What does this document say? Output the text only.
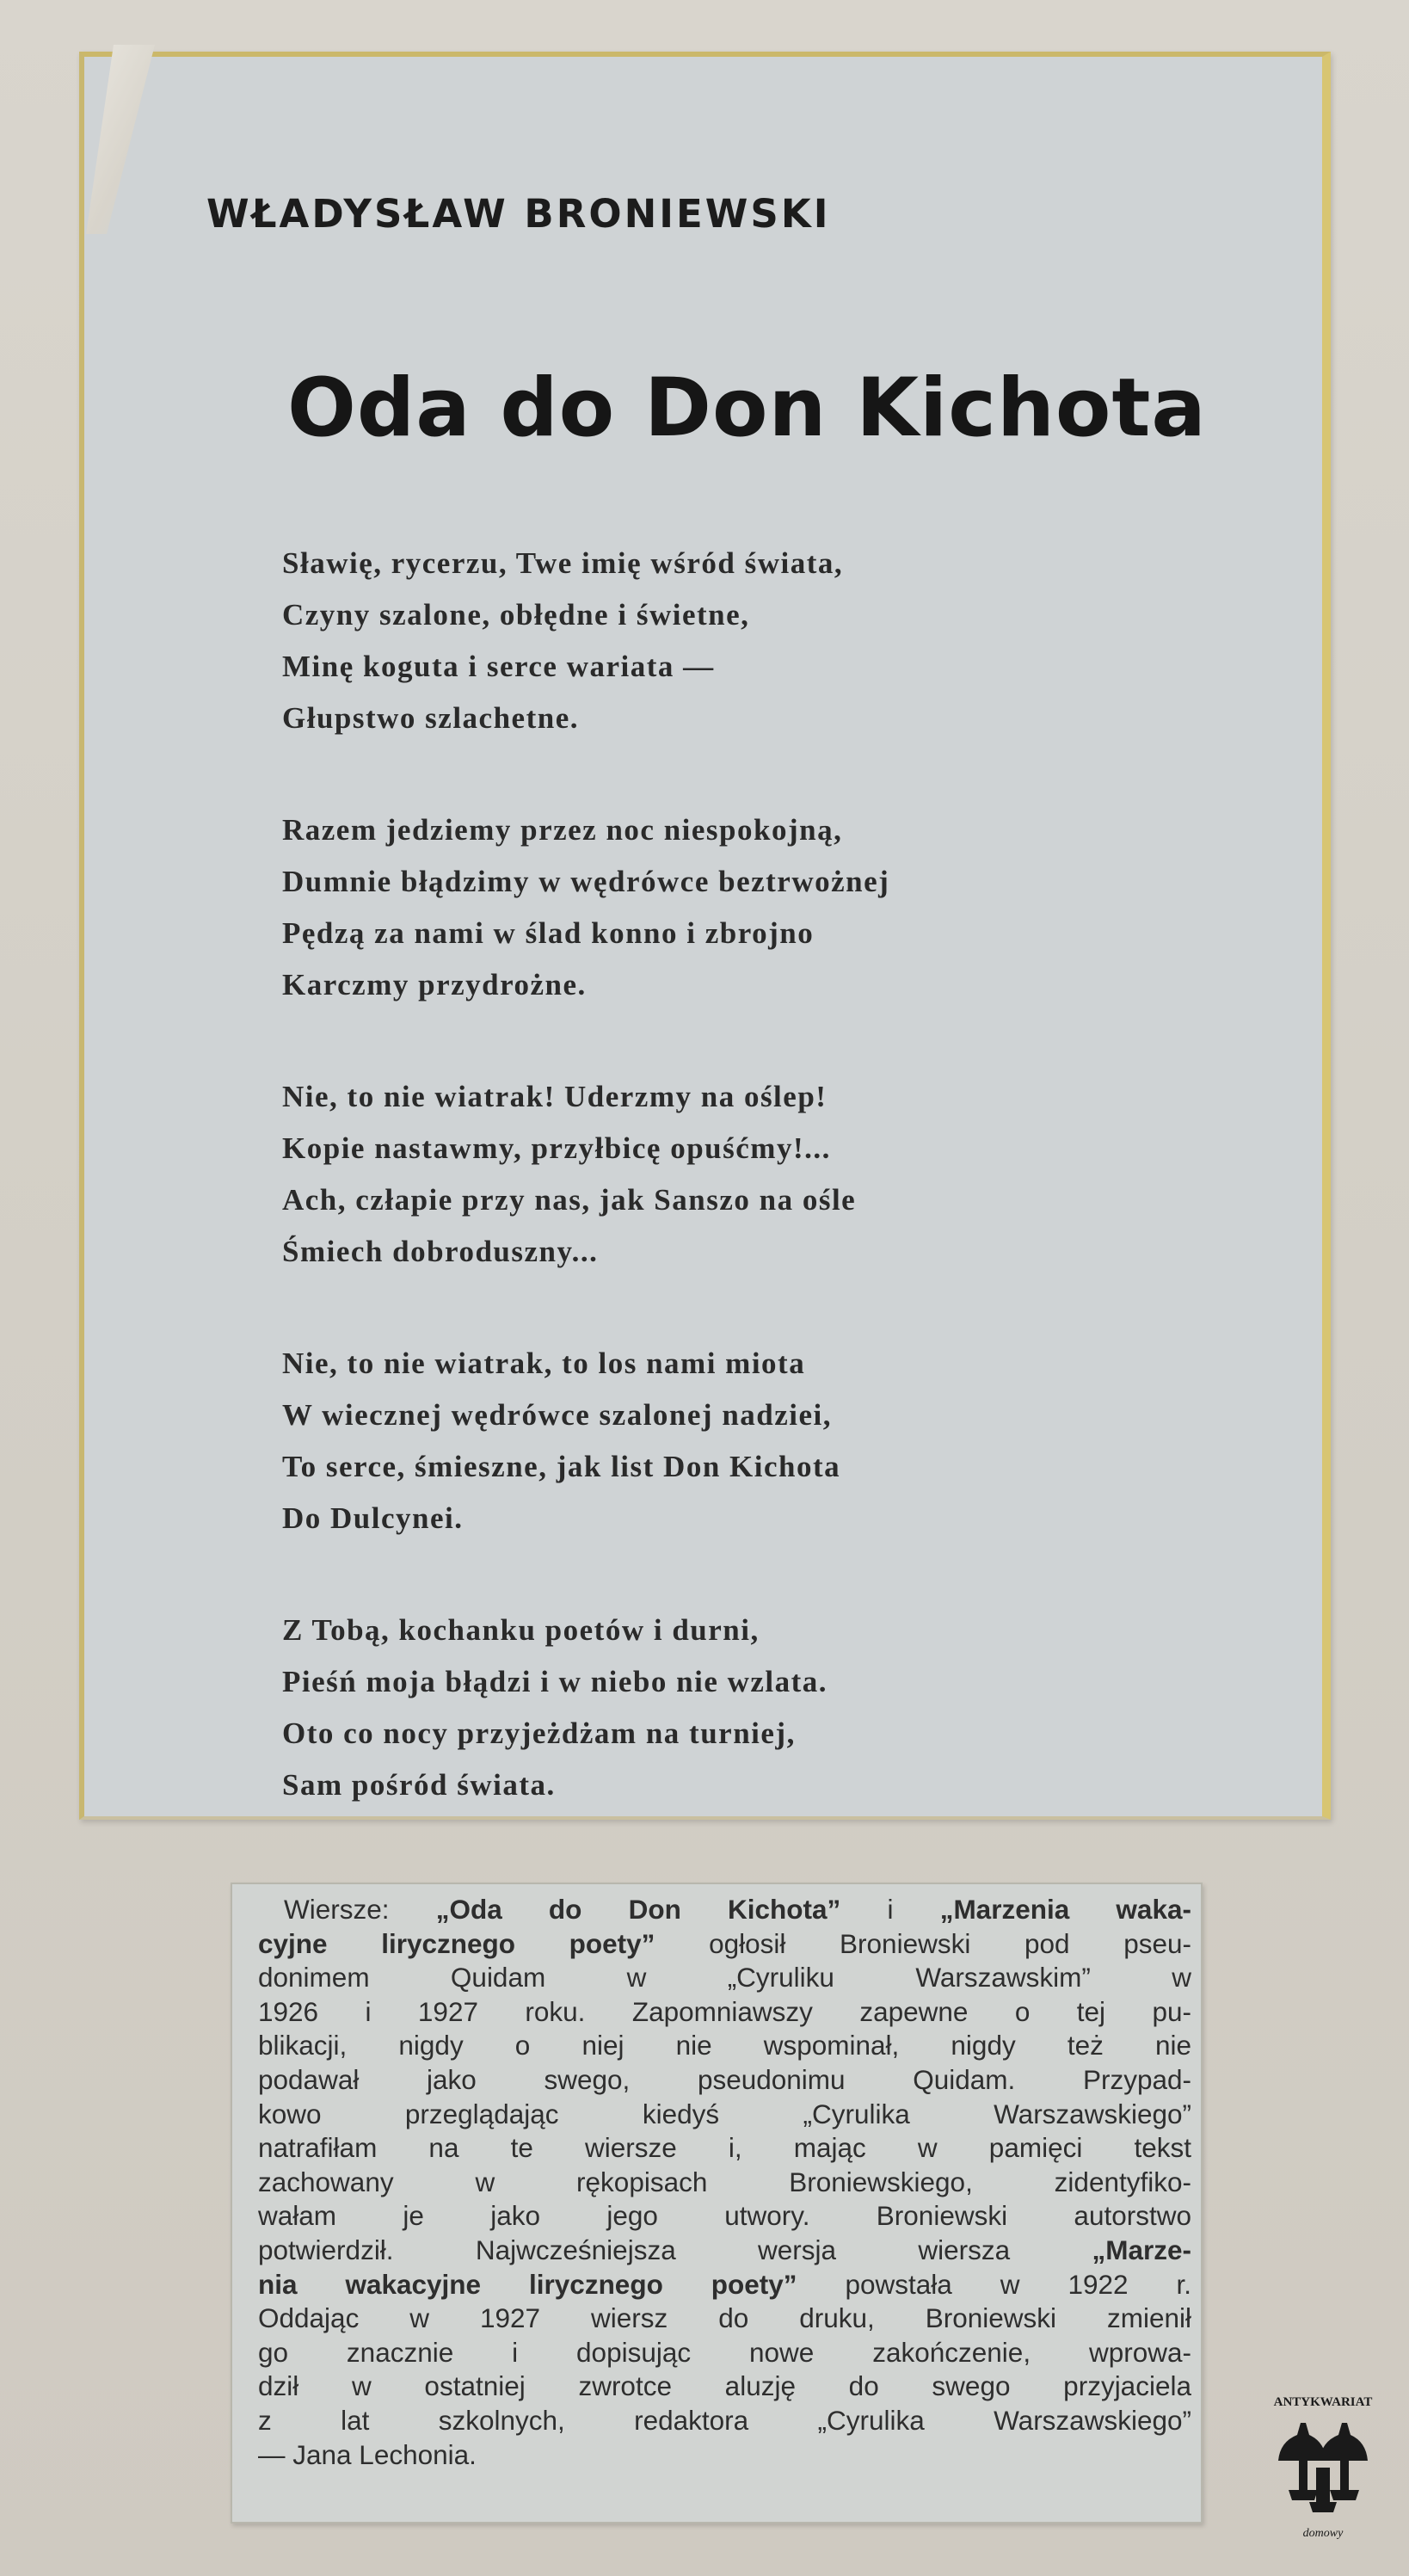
WŁADYSŁAW BRONIEWSKI
Oda do Don Kichota
Sławię, rycerzu, Twe imię wśród świata,
Czyny szalone, obłędne i świetne,
Minę koguta i serce wariata —
Głupstwo szlachetne.
Razem jedziemy przez noc niespokojną,
Dumnie błądzimy w wędrówce beztrwożnej
Pędzą za nami w ślad konno i zbrojno
Karczmy przydrożne.
Nie, to nie wiatrak! Uderzmy na oślep!
Kopie nastawmy, przyłbicę opuśćmy!...
Ach, człapie przy nas, jak Sanszo na ośle
Śmiech dobroduszny...
Nie, to nie wiatrak, to los nami miota
W wiecznej wędrówce szalonej nadziei,
To serce, śmieszne, jak list Don Kichota
Do Dulcynei.
Z Tobą, kochanku poetów i durni,
Pieśń moja błądzi i w niebo nie wzlata.
Oto co nocy przyjeżdżam na turniej,
Sam pośród świata.
Wiersze: „Oda do Don Kichota” i „Marzenia waka-
cyjne lirycznego poety” ogłosił Broniewski pod pseu-
donimem Quidam w „Cyruliku Warszawskim” w
1926 i 1927 roku. Zapomniawszy zapewne o tej pu-
blikacji, nigdy o niej nie wspominał, nigdy też nie
podawał jako swego, pseudonimu Quidam. Przypad-
kowo przeglądając kiedyś „Cyrulika Warszawskiego”
natrafiłam na te wiersze i, mając w pamięci tekst
zachowany w rękopisach Broniewskiego, zidentyfiko-
wałam je jako jego utwory. Broniewski autorstwo
potwierdził. Najwcześniejsza wersja wiersza „Marze-
nia wakacyjne lirycznego poety” powstała w 1922 r.
Oddając w 1927 wiersz do druku, Broniewski zmienił
go znacznie i dopisując nowe zakończenie, wprowa-
dził w ostatniej zwrotce aluzję do swego przyjaciela
z lat szkolnych, redaktora „Cyrulika Warszawskiego”
— Jana Lechonia.
ANTYKWARIAT
domowy
